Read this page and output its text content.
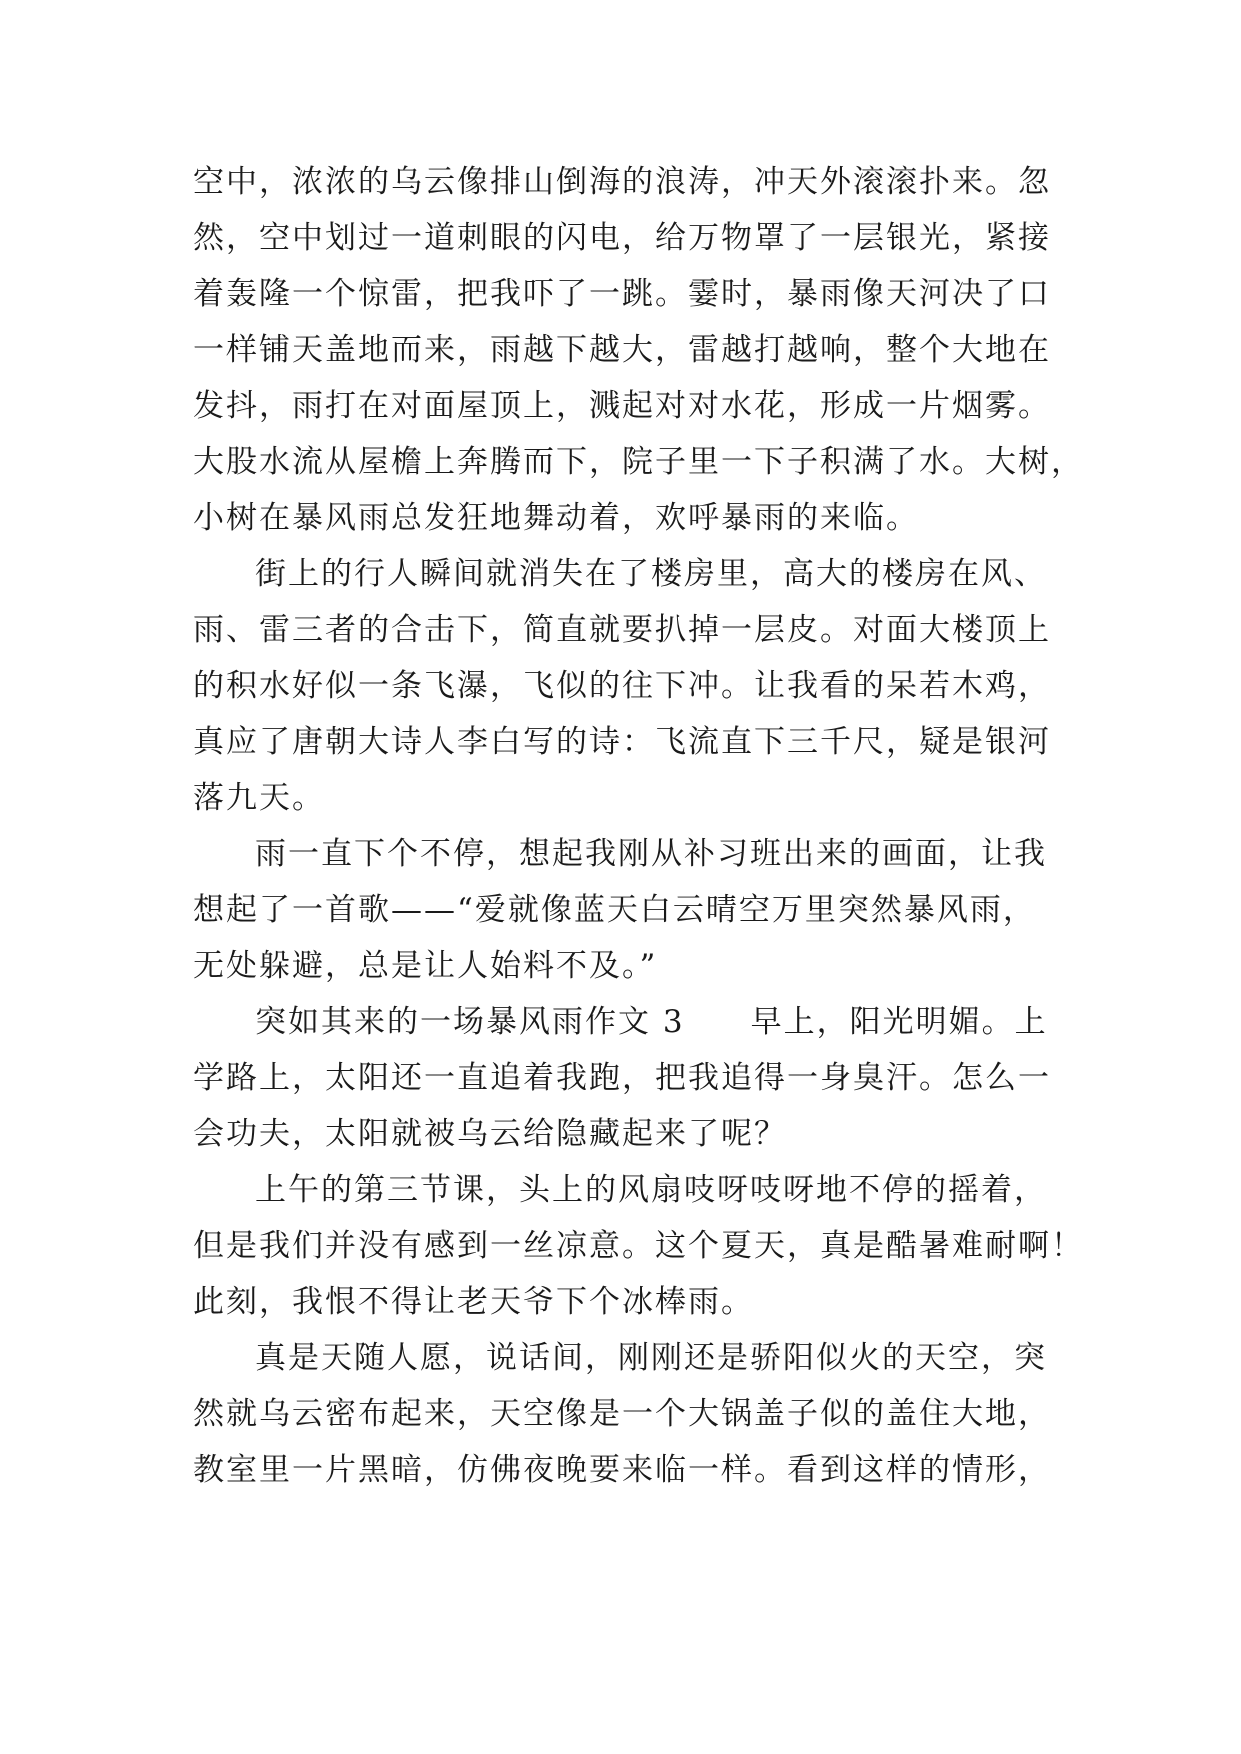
空中，浓浓的乌云像排山倒海的浪涛，冲天外滚滚扑来。忽
然，空中划过一道刺眼的闪电，给万物罩了一层银光，紧接
着轰隆一个惊雷，把我吓了一跳。霎时，暴雨像天河决了口
一样铺天盖地而来，雨越下越大，雷越打越响，整个大地在
发抖，雨打在对面屋顶上，溅起对对水花，形成一片烟雾。
大股水流从屋檐上奔腾而下，院子里一下子积满了水。大树，
小树在暴风雨总发狂地舞动着，欢呼暴雨的来临。
街上的行人瞬间就消失在了楼房里，高大的楼房在风、
雨、雷三者的合击下，简直就要扒掉一层皮。对面大楼顶上
的积水好似一条飞瀑，飞似的往下冲。让我看的呆若木鸡，
真应了唐朝大诗人李白写的诗：飞流直下三千尺，疑是银河
落九天。
雨一直下个不停，想起我刚从补习班出来的画面，让我
想起了一首歌——“爱就像蓝天白云晴空万里突然暴风雨，
无处躲避，总是让人始料不及。”
突如其来的一场暴风雨作文 3　　早上，阳光明媚。上
学路上，太阳还一直追着我跑，把我追得一身臭汗。怎么一
会功夫，太阳就被乌云给隐藏起来了呢？
上午的第三节课，头上的风扇吱呀吱呀地不停的摇着，
但是我们并没有感到一丝凉意。这个夏天，真是酷暑难耐啊！
此刻，我恨不得让老天爷下个冰棒雨。
真是天随人愿，说话间，刚刚还是骄阳似火的天空，突
然就乌云密布起来，天空像是一个大锅盖子似的盖住大地，
教室里一片黑暗，仿佛夜晚要来临一样。看到这样的情形，
